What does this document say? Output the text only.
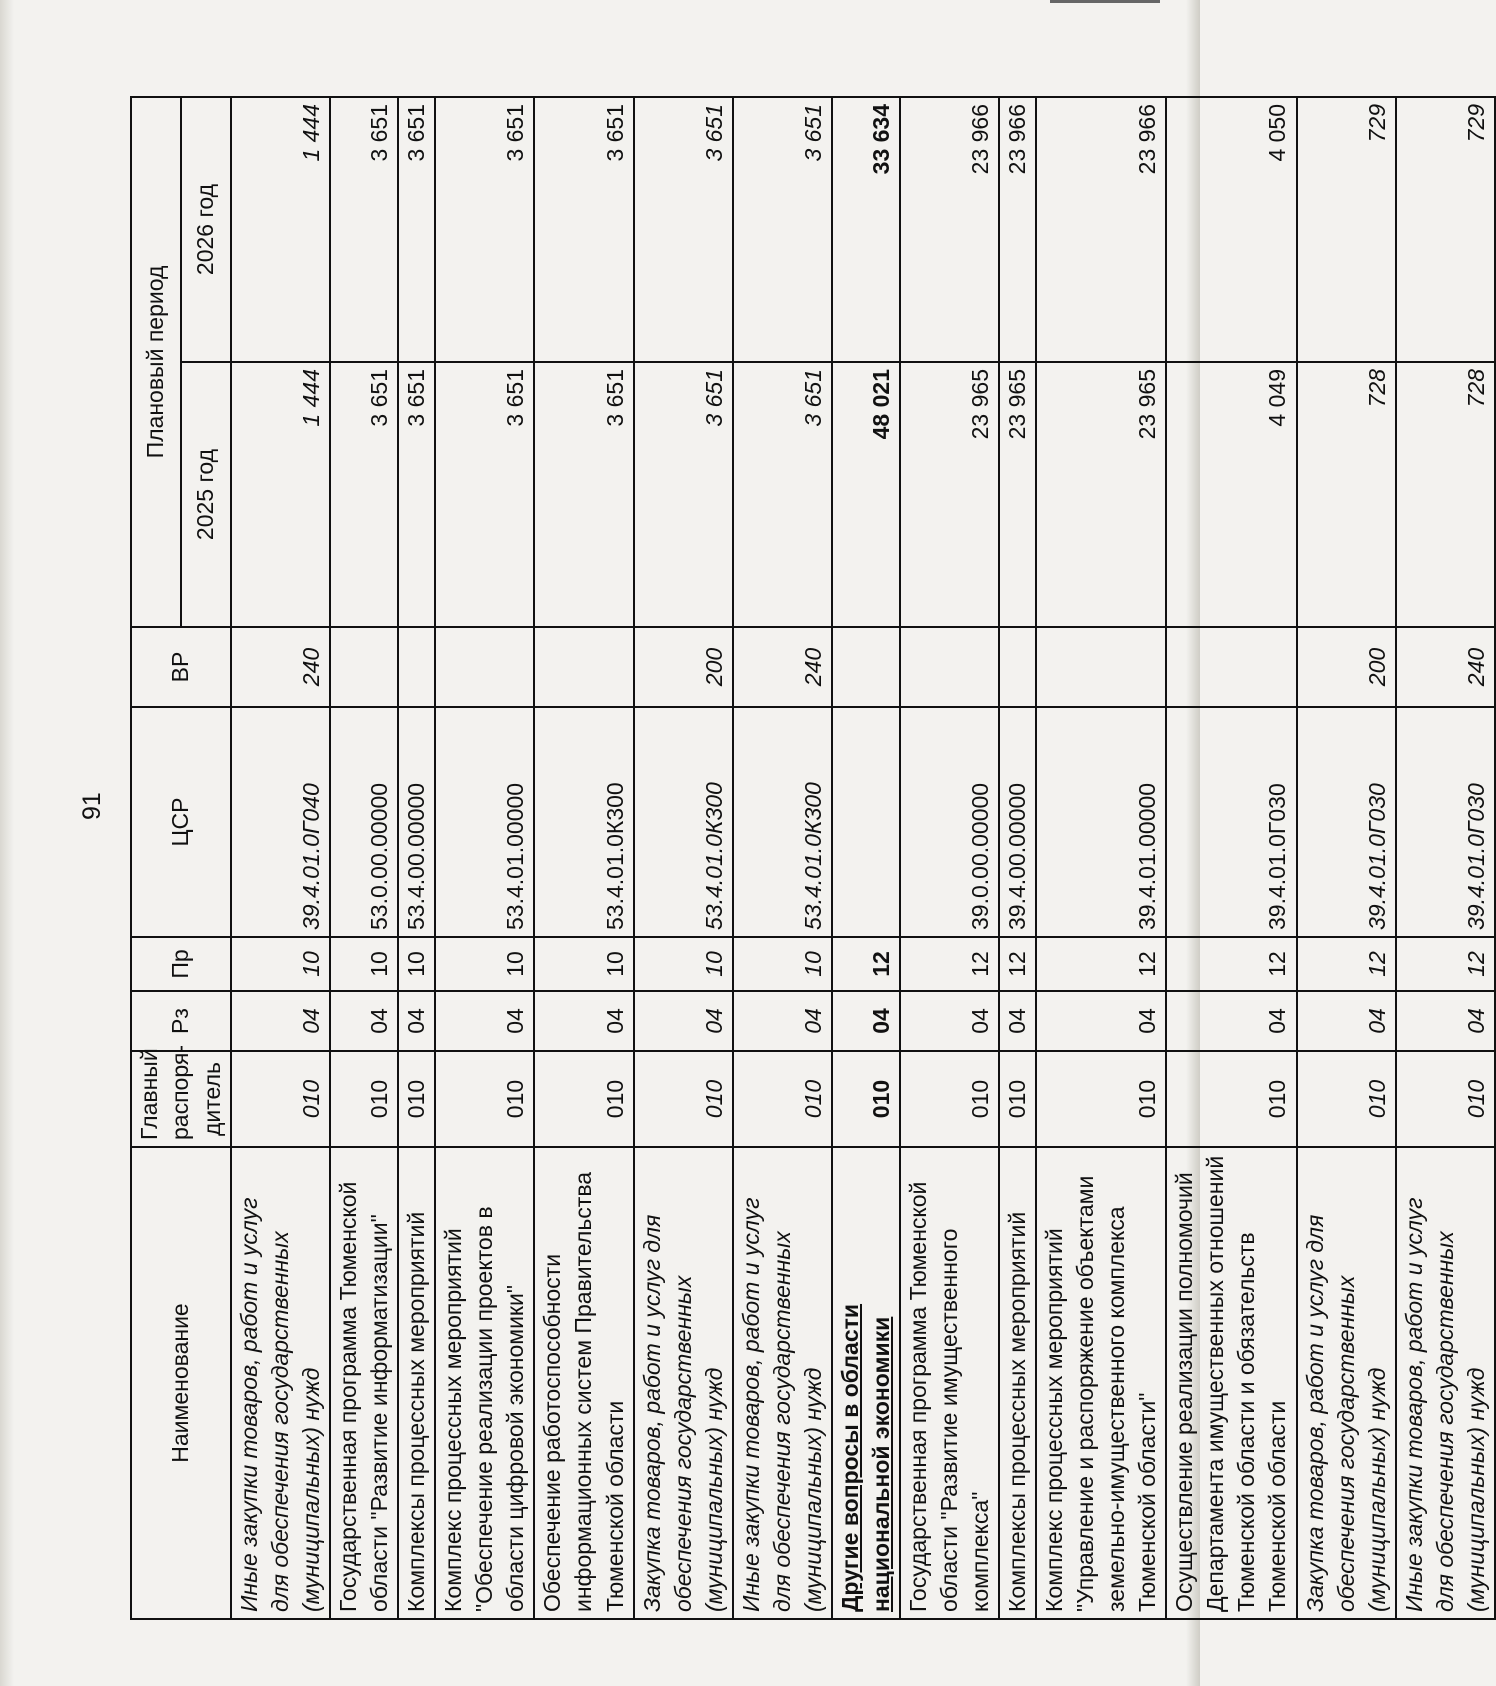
91
Наименование	Главный распоря- дитель	Рз	Пр	ЦСР	ВР	Плановый период	
						2025 год	2026 год
Иные закупки товаров, работ и услуг для обеспечения государственных (муниципальных) нужд	010	04	10	39.4.01.0Г040	240	1 444	1 444
Государственная программа Тюменской области "Развитие информатизации"	010	04	10	53.0.00.00000		3 651	3 651
Комплексы процессных мероприятий	010	04	10	53.4.00.00000		3 651	3 651
Комплекс процессных мероприятий "Обеспечение реализации проектов в области цифровой экономики"	010	04	10	53.4.01.00000		3 651	3 651
Обеспечение работоспособности информационных систем Правительства Тюменской области	010	04	10	53.4.01.0К300		3 651	3 651
Закупка товаров, работ и услуг для обеспечения государственных (муниципальных) нужд	010	04	10	53.4.01.0К300	200	3 651	3 651
Иные закупки товаров, работ и услуг для обеспечения государственных (муниципальных) нужд	010	04	10	53.4.01.0К300	240	3 651	3 651
Другие вопросы в области национальной экономики	010	04	12			48 021	33 634
Государственная программа Тюменской области "Развитие имущественного комплекса"	010	04	12	39.0.00.00000		23 965	23 966
Комплексы процессных мероприятий	010	04	12	39.4.00.00000		23 965	23 966
Комплекс процессных мероприятий "Управление и распоряжение объектами земельно-имущественного комплекса Тюменской области"	010	04	12	39.4.01.00000		23 965	23 966
Осуществление реализации полномочий Департамента имущественных отношений Тюменской области и обязательств Тюменской области	010	04	12	39.4.01.0Г030		4 049	4 050
Закупка товаров, работ и услуг для обеспечения государственных (муниципальных) нужд	010	04	12	39.4.01.0Г030	200	728	729
Иные закупки товаров, работ и услуг для обеспечения государственных (муниципальных) нужд	010	04	12	39.4.01.0Г030	240	728	729
